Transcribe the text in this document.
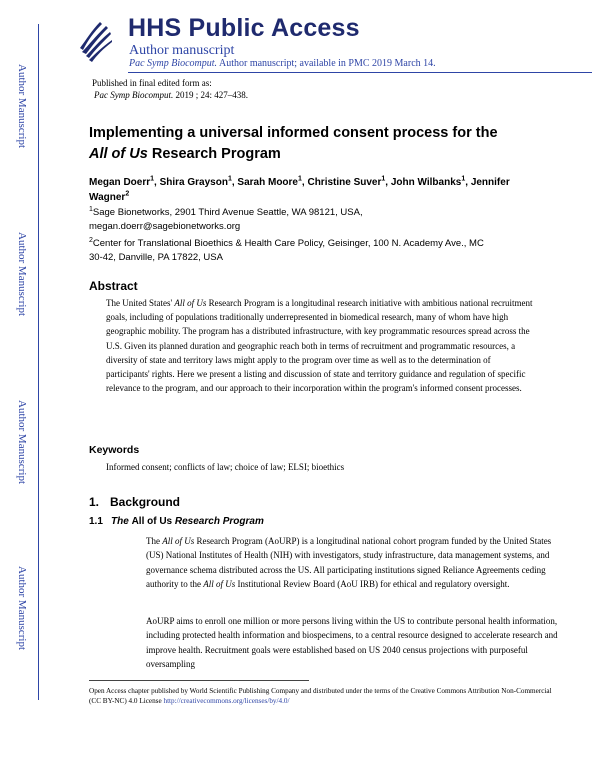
HHS Public Access
Author manuscript
Pac Symp Biocomput. Author manuscript; available in PMC 2019 March 14.
Published in final edited form as:
Pac Symp Biocomput. 2019 ; 24: 427–438.
Author Manuscript
Author Manuscript
Author Manuscript
Author Manuscript
Implementing a universal informed consent process for the All of Us Research Program
Megan Doerr$^1$, Shira Grayson$^1$, Sarah Moore$^1$, Christine Suver$^1$, John Wilbanks$^1$, Jennifer Wagner$^2$
$^1$Sage Bionetworks, 2901 Third Avenue Seattle, WA 98121, USA,
megan.doerr@sagebionetworks.org
$^2$Center for Translational Bioethics & Health Care Policy, Geisinger, 100 N. Academy Ave., MC
30-42, Danville, PA 17822, USA
Abstract
The United States' All of Us Research Program is a longitudinal research initiative with ambitious national recruitment goals, including of populations traditionally underrepresented in biomedical research, many of whom have high geographic mobility. The program has a distributed infrastructure, with key programmatic resources spread across the U.S. Given its planned duration and geographic reach both in terms of recruitment and programmatic resources, a diversity of state and territory laws might apply to the program over time as well as to the determination of participants' rights. Here we present a listing and discussion of state and territory guidance and regulation of specific relevance to the program, and our approach to their incorporation within the program's informed consent processes.
Keywords
Informed consent; conflicts of law; choice of law; ELSI; bioethics
1. Background
1.1 The All of Us Research Program
The All of Us Research Program (AoURP) is a longitudinal national cohort program funded by the United States (US) National Institutes of Health (NIH) with investigators, study infrastructure, data management systems, and governance schema distributed across the US. All participating institutions signed Reliance Agreements ceding authority to the All of Us Institutional Review Board (AoU IRB) for ethical and regulatory oversight.
AoURP aims to enroll one million or more persons living within the US to contribute personal health information, including protected health information and biospecimens, to a central resource designed to accelerate research and improve health. Recruitment goals were established based on US 2040 census projections with purposeful oversampling
Open Access chapter published by World Scientific Publishing Company and distributed under the terms of the Creative Commons Attribution Non-Commercial (CC BY-NC) 4.0 License http://creativecommons.org/licenses/by/4.0/
